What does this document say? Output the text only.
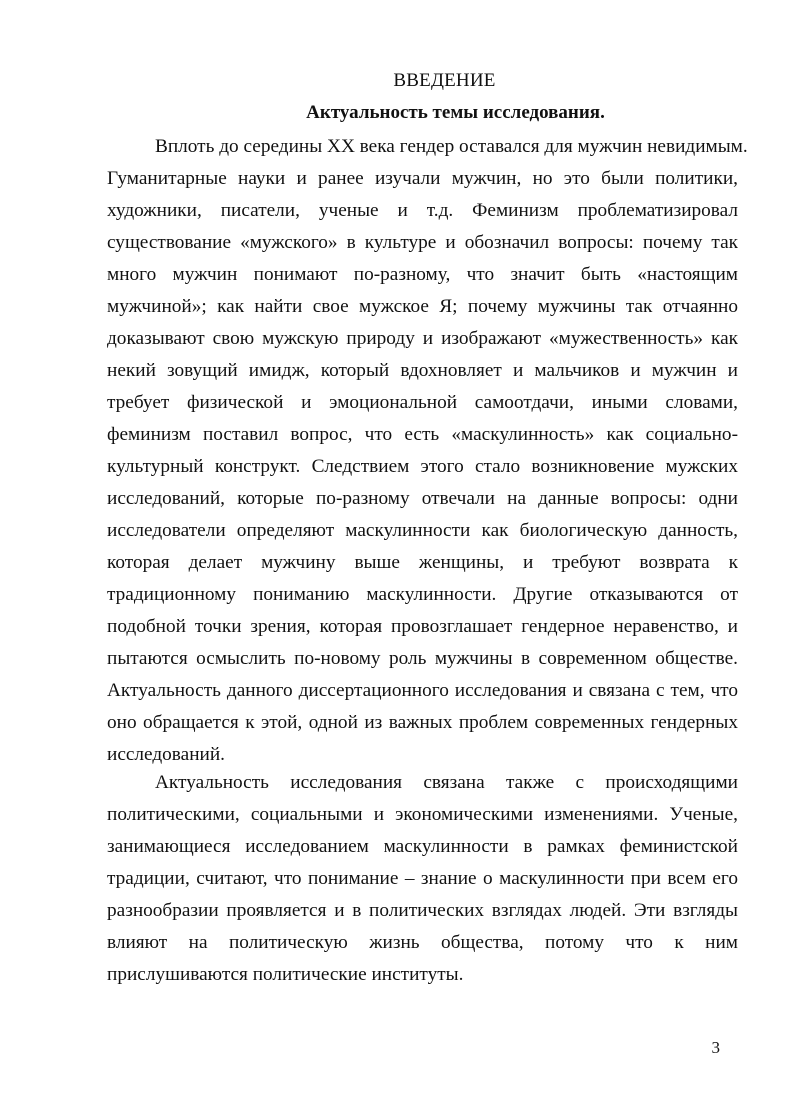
ВВЕДЕНИЕ
Актуальность темы исследования.
Вплоть до середины XX века гендер оставался для мужчин невидимым.
Гуманитарные науки и ранее изучали мужчин, но это были политики,
художники, писатели, ученые и т.д. Феминизм проблематизировал
существование «мужского» в культуре и обозначил вопросы: почему так
много мужчин понимают по-разному, что значит быть «настоящим
мужчиной»; как найти свое мужское Я; почему мужчины так отчаянно
доказывают свою мужскую природу и изображают «мужественность» как
некий зовущий имидж, который вдохновляет и мальчиков и мужчин и
требует физической и эмоциональной самоотдачи, иными словами,
феминизм поставил вопрос, что есть «маскулинность» как социально-
культурный конструкт. Следствием этого стало возникновение мужских
исследований, которые по-разному отвечали на данные вопросы: одни
исследователи определяют маскулинности как биологическую данность,
которая делает мужчину выше женщины, и требуют возврата к
традиционному пониманию маскулинности. Другие отказываются от
подобной точки зрения, которая провозглашает гендерное неравенство, и
пытаются осмыслить по-новому роль мужчины в современном обществе.
Актуальность данного диссертационного исследования и связана с тем, что
оно обращается к этой, одной из важных проблем современных гендерных
исследований.
Актуальность исследования связана также с происходящими
политическими, социальными и экономическими изменениями. Ученые,
занимающиеся исследованием маскулинности в рамках феминистской
традиции, считают, что понимание – знание о маскулинности при всем его
разнообразии проявляется и в политических взглядах людей. Эти взгляды
влияют на политическую жизнь общества, потому что к ним
прислушиваются политические институты.
3
